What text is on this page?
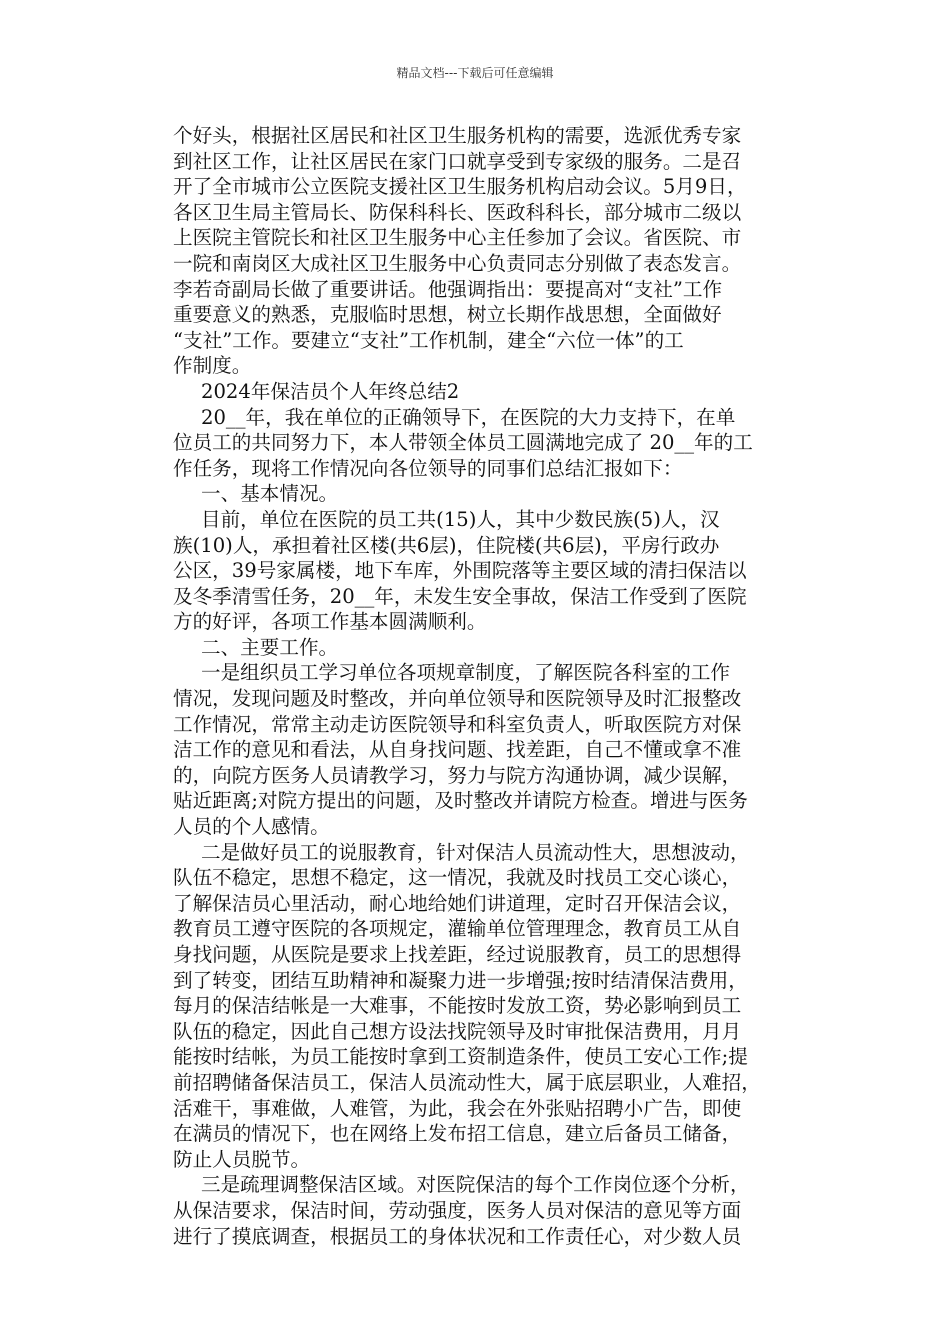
精品文档---下载后可任意编辑
个好头，根据社区居民和社区卫生服务机构的需要，选派优秀专家
到社区工作，让社区居民在家门口就享受到专家级的服务。二是召
开了全市城市公立医院支援社区卫生服务机构启动会议。5月9日，
各区卫生局主管局长、防保科科长、医政科科长，部分城市二级以
上医院主管院长和社区卫生服务中心主任参加了会议。省医院、市
一院和南岗区大成社区卫生服务中心负责同志分别做了表态发言。
李若奇副局长做了重要讲话。他强调指出：要提高对“支社”工作
重要意义的熟悉，克服临时思想，树立长期作战思想，全面做好
“支社”工作。要建立“支社”工作机制，建全“六位一体”的工
作制度。
2024年保洁员个人年终总结2
20__年，我在单位的正确领导下，在医院的大力支持下，在单
位员工的共同努力下，本人带领全体员工圆满地完成了 20__年的工
作任务，现将工作情况向各位领导的同事们总结汇报如下：
一、基本情况。
目前，单位在医院的员工共(15)人，其中少数民族(5)人，汉
族(10)人，承担着社区楼(共6层)，住院楼(共6层)，平房行政办
公区，39号家属楼，地下车库，外围院落等主要区域的清扫保洁以
及冬季清雪任务，20__年，未发生安全事故，保洁工作受到了医院
方的好评，各项工作基本圆满顺利。
二、主要工作。
一是组织员工学习单位各项规章制度，了解医院各科室的工作
情况，发现问题及时整改，并向单位领导和医院领导及时汇报整改
工作情况，常常主动走访医院领导和科室负责人，听取医院方对保
洁工作的意见和看法，从自身找问题、找差距，自己不懂或拿不准
的，向院方医务人员请教学习，努力与院方沟通协调，减少误解，
贴近距离;对院方提出的问题，及时整改并请院方检查。增进与医务
人员的个人感情。
二是做好员工的说服教育，针对保洁人员流动性大，思想波动，
队伍不稳定，思想不稳定，这一情况，我就及时找员工交心谈心，
了解保洁员心里活动，耐心地给她们讲道理，定时召开保洁会议，
教育员工遵守医院的各项规定，灌输单位管理理念，教育员工从自
身找问题，从医院是要求上找差距，经过说服教育，员工的思想得
到了转变，团结互助精神和凝聚力进一步增强;按时结清保洁费用，
每月的保洁结帐是一大难事，不能按时发放工资，势必影响到员工
队伍的稳定，因此自己想方设法找院领导及时审批保洁费用，月月
能按时结帐，为员工能按时拿到工资制造条件，使员工安心工作;提
前招聘储备保洁员工，保洁人员流动性大，属于底层职业，人难招，
活难干，事难做，人难管，为此，我会在外张贴招聘小广告，即使
在满员的情况下，也在网络上发布招工信息，建立后备员工储备，
防止人员脱节。
三是疏理调整保洁区域。对医院保洁的每个工作岗位逐个分析，
从保洁要求，保洁时间，劳动强度，医务人员对保洁的意见等方面
进行了摸底调查，根据员工的身体状况和工作责任心，对少数人员
